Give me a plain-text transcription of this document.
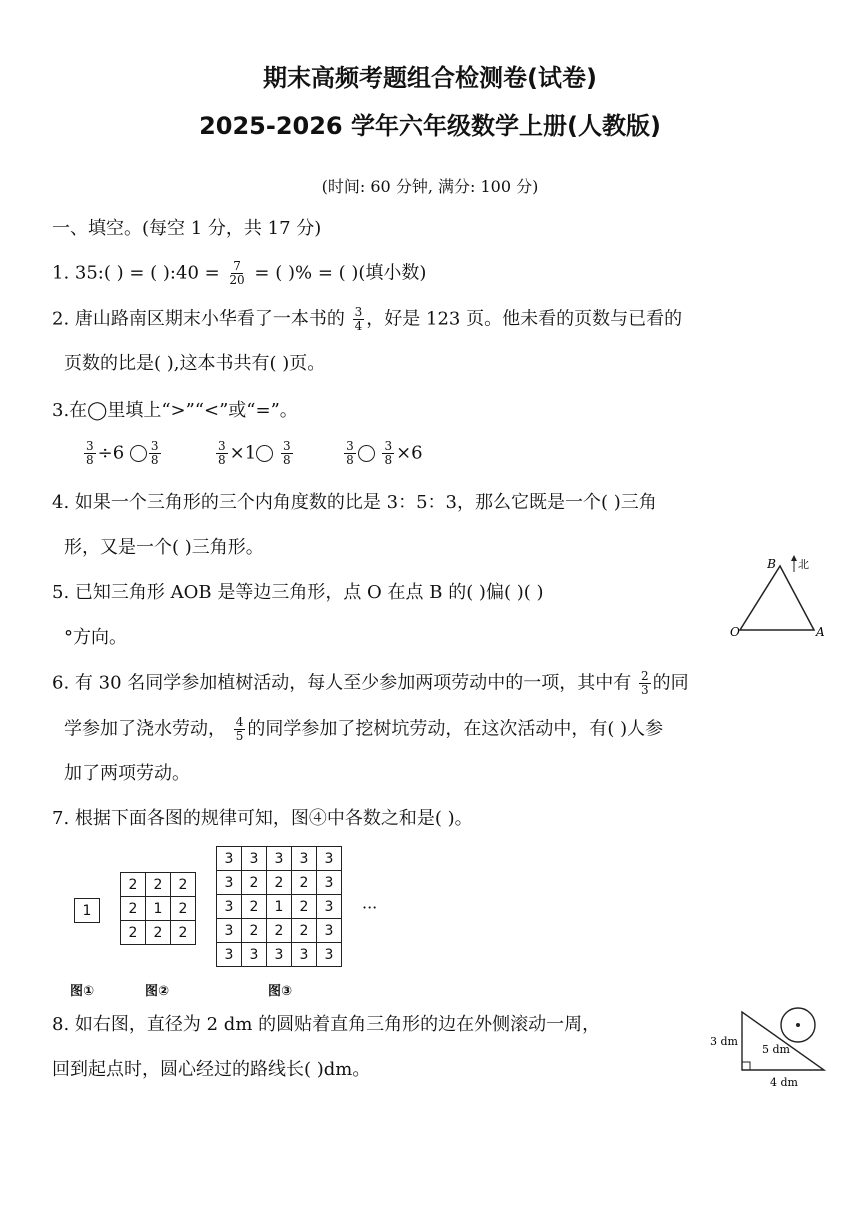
期末高频考题组合检测卷(试卷)
2025-2026 学年六年级数学上册(人教版)
(时间: 60 分钟, 满分: 100 分)
一、填空。(每空 1 分，共 17 分)
1. 35:( ) = ( ):40 = $\frac{7}{20}$ = ( )% = ( )(填小数)
2. 唐山路南区期末小华看了一本书的 $\frac{3}{4}$ ，好是 123 页。他未看的页数与已看的
页数的比是( ),这本书共有( )页。
3.在◯里填上“>”“<”或“=”。
$\frac{3}{8} \div 6 \frac{3}{8}$
	$\frac{3}{8} \times 1 \frac{3}{8}$
	$\frac{3}{8}$
$\frac{3}{8} \times 6$
4. 如果一个三角形的三个内角度数的比是 3：5：3，那么它既是一个( )三角
形，又是一个( )三角形。
5. 已知三角形 AOB 是等边三角形，点 O 在点 B 的( )偏( )( )
°方向。
B
O	A
北
6. 有 30 名同学参加植树活动，每人至少参加两项劳动中的一项，其中有 $\frac{2}{3}$ 的同
学参加了浇水劳动， $\frac{4}{5}$ 的同学参加了挖树坑劳动，在这次活动中，有( )人参
加了两项劳动。
7. 根据下面各图的规律可知，图④中各数之和是( )。
1
2	2	2
2	1	2
2	2	2
3	3	3	3	3
3	2	2	2	3
3	2	1	2	3
3	2	2	2	3
3	3	3	3	3
···
图①	图②	图③
8. 如右图，直径为 2 dm 的圆贴着直角三角形的边在外侧滚动一周，
回到起点时，圆心经过的路线长( )dm。
3 dm
5 dm
4 dm
